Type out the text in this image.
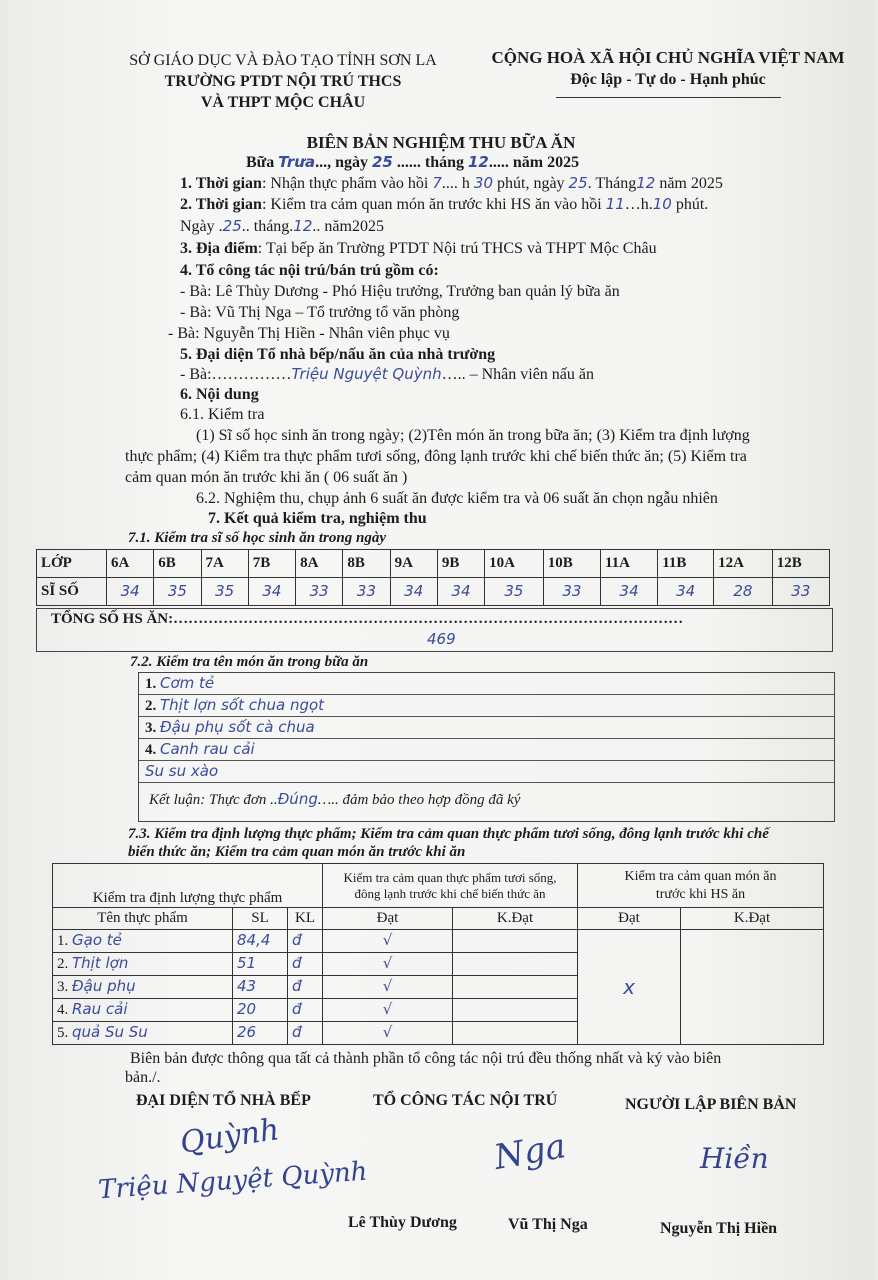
SỞ GIÁO DỤC VÀ ĐÀO TẠO TỈNH SƠN LA
TRƯỜNG PTDT NỘI TRÚ THCS
VÀ THPT MỘC CHÂU
CỘNG HOÀ XÃ HỘI CHỦ NGHĨA VIỆT NAM
Độc lập - Tự do - Hạnh phúc
BIÊN BẢN NGHIỆM THU BỮA ĂN
Bữa Trưa..., ngày 25 ...... tháng 12..... năm 2025
1. Thời gian: Nhận thực phẩm vào hồi 7.... h 30 phút, ngày 25. Tháng12 năm 2025
2. Thời gian: Kiểm tra cảm quan món ăn trước khi HS ăn vào hồi 11…h.10 phút.
Ngày .25.. tháng.12.. năm2025
3. Địa điểm: Tại bếp ăn Trường PTDT Nội trú THCS và THPT Mộc Châu
4. Tổ công tác nội trú/bán trú gồm có:
- Bà: Lê Thùy Dương - Phó Hiệu trưởng, Trưởng ban quản lý bữa ăn
- Bà: Vũ Thị Nga – Tổ trưởng tổ văn phòng
- Bà: Nguyễn Thị Hiền - Nhân viên phục vụ
5. Đại diện Tổ nhà bếp/nấu ăn của nhà trường
- Bà:……………Triệu Nguyệt Quỳnh….. – Nhân viên nấu ăn
6. Nội dung
6.1. Kiểm tra
(1) Sĩ số học sinh ăn trong ngày; (2)Tên món ăn trong bữa ăn; (3) Kiểm tra định lượng
thực phẩm; (4) Kiểm tra thực phẩm tươi sống, đông lạnh trước khi chế biến thức ăn; (5) Kiểm tra
cảm quan món ăn trước khi ăn ( 06 suất ăn )
6.2. Nghiệm thu, chụp ảnh 6 suất ăn được kiểm tra và 06 suất ăn chọn ngẫu nhiên
7. Kết quả kiểm tra, nghiệm thu
7.1. Kiểm tra sĩ số học sinh ăn trong ngày
LỚP	6A	6B	7A	7B	8A	8B	9A	9B	10A	10B	11A	11B	12A	12B
SĨ SỐ	34	35	35	34	33	33	34	34	35	33	34	34	28	33
TỔNG SỐ HS ĂN:…………………………………………………………………………………………
469
7.2. Kiểm tra tên món ăn trong bữa ăn
1. Cơm tẻ
2. Thịt lợn sốt chua ngọt
3. Đậu phụ sốt cà chua
4. Canh rau cải
Su su xào
Kết luận: Thực đơn ..Đúng….. đảm bảo theo hợp đồng đã ký
7.3. Kiểm tra định lượng thực phẩm; Kiểm tra cảm quan thực phẩm tươi sống, đông lạnh trước khi chế
biến thức ăn; Kiểm tra cảm quan món ăn trước khi ăn
Kiểm tra định lượng thực phẩm			Kiểm tra cảm quan thực phẩm tươi sống,
đông lạnh trước khi chế biến thức ăn		Kiểm tra cảm quan món ăn
trước khi HS ăn	
Tên thực phẩm	SL	KL	Đạt	K.Đạt	Đạt	K.Đạt
1. Gạo tẻ	84,4	đ	√		x	
2. Thịt lợn	51	đ	√			
3. Đậu phụ	43	đ	√			
4. Rau cải	20	đ	√			
5. quả Su Su	26	đ	√			
Biên bản được thông qua tất cả thành phần tổ công tác nội trú đều thống nhất và ký vào biên
bản./.
ĐẠI DIỆN TỔ NHÀ BẾP	TỔ CÔNG TÁC NỘI TRÚ	NGƯỜI LẬP BIÊN BẢN
Quỳnh
Triệu Nguyệt Quỳnh
Lê Thùy Dương
Nga
Vũ Thị Nga
Hiền
Nguyễn Thị Hiền
